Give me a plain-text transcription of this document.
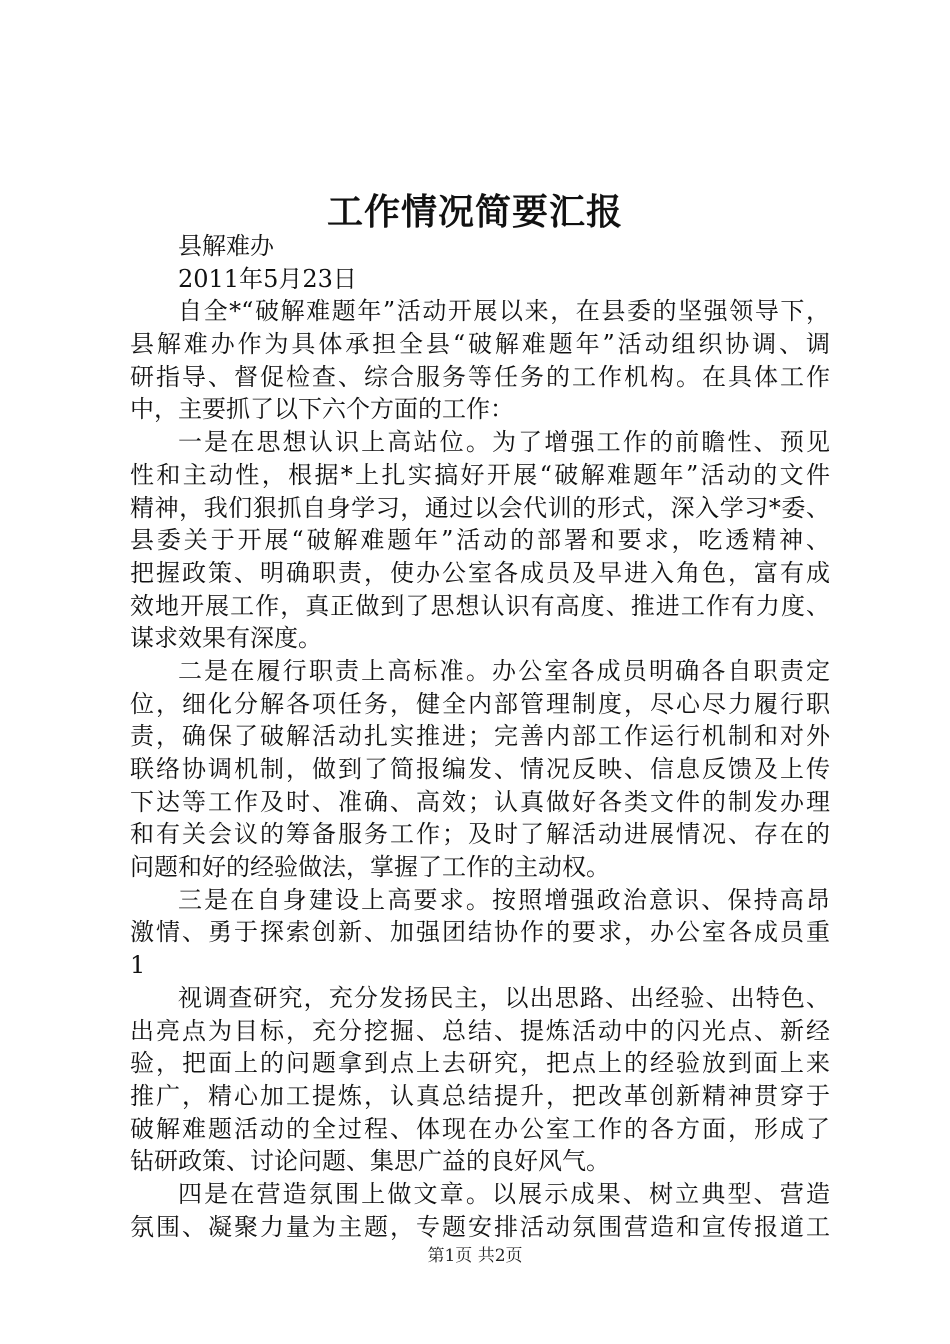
工作情况简要汇报
县解难办
2011年5月23日
自全*“破解难题年”活动开展以来，在县委的坚强领导下，
县解难办作为具体承担全县“破解难题年”活动组织协调、调
研指导、督促检查、综合服务等任务的工作机构。在具体工作
中，主要抓了以下六个方面的工作：
一是在思想认识上高站位。为了增强工作的前瞻性、预见
性和主动性，根据*上扎实搞好开展“破解难题年”活动的文件
精神，我们狠抓自身学习，通过以会代训的形式，深入学习*委、
县委关于开展“破解难题年”活动的部署和要求，吃透精神、
把握政策、明确职责，使办公室各成员及早进入角色，富有成
效地开展工作，真正做到了思想认识有高度、推进工作有力度、
谋求效果有深度。
二是在履行职责上高标准。办公室各成员明确各自职责定
位，细化分解各项任务，健全内部管理制度，尽心尽力履行职
责，确保了破解活动扎实推进；完善内部工作运行机制和对外
联络协调机制，做到了简报编发、情况反映、信息反馈及上传
下达等工作及时、准确、高效；认真做好各类文件的制发办理
和有关会议的筹备服务工作；及时了解活动进展情况、存在的
问题和好的经验做法，掌握了工作的主动权。
三是在自身建设上高要求。按照增强政治意识、保持高昂
激情、勇于探索创新、加强团结协作的要求，办公室各成员重
1
视调查研究，充分发扬民主，以出思路、出经验、出特色、
出亮点为目标，充分挖掘、总结、提炼活动中的闪光点、新经
验，把面上的问题拿到点上去研究，把点上的经验放到面上来
推广，精心加工提炼，认真总结提升，把改革创新精神贯穿于
破解难题活动的全过程、体现在办公室工作的各方面，形成了
钻研政策、讨论问题、集思广益的良好风气。
四是在营造氛围上做文章。以展示成果、树立典型、营造
氛围、凝聚力量为主题，专题安排活动氛围营造和宣传报道工
第1页 共2页
